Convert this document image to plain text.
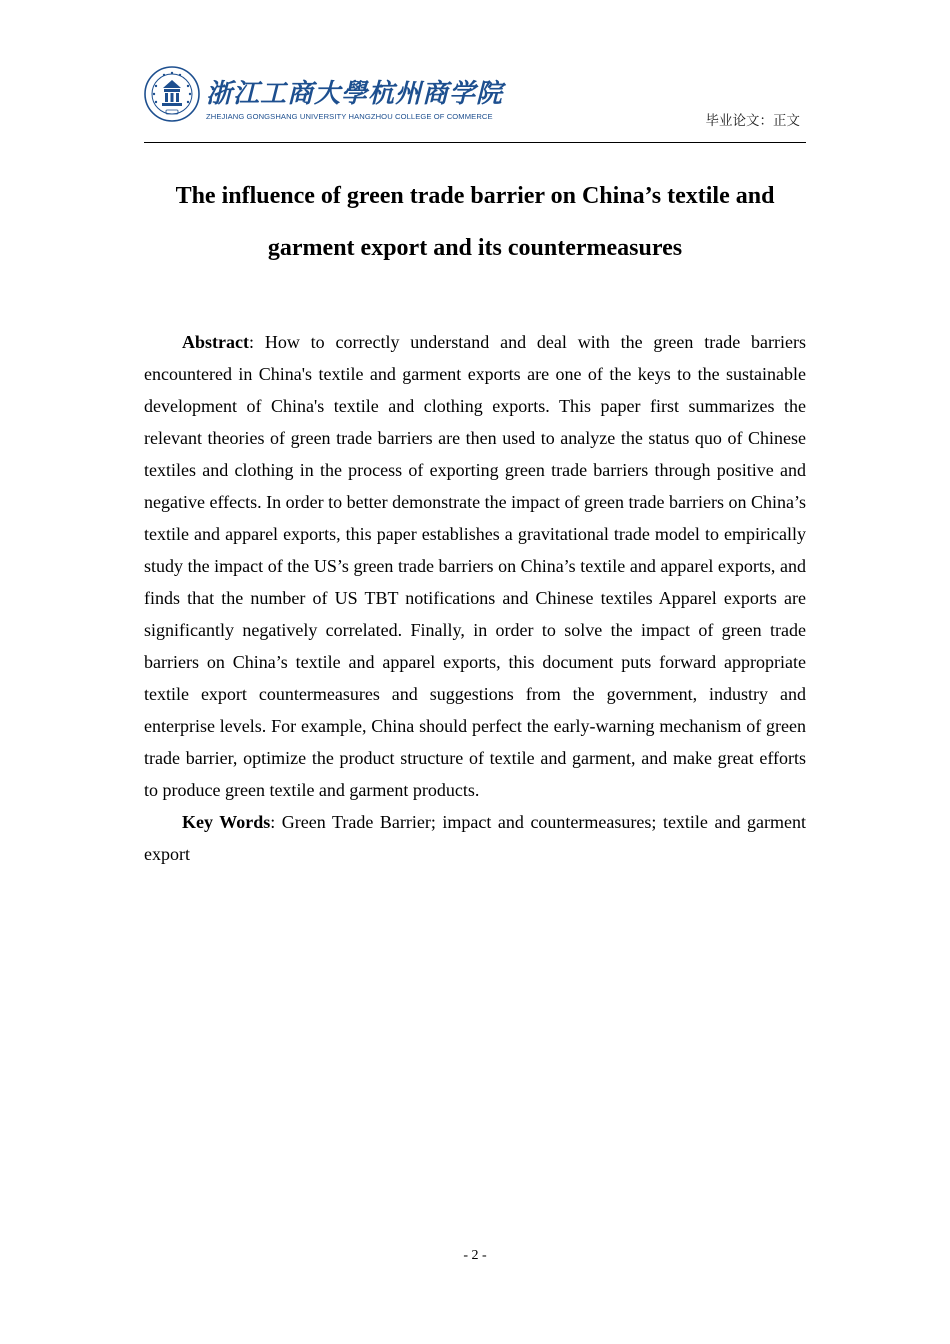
浙江工商大學杭州商学院
ZHEJIANG GONGSHANG UNIVERSITY HANGZHOU COLLEGE OF COMMERCE	毕业论文：正文
The influence of green trade barrier on China’s textile and
garment export and its countermeasures

Abstract: How to correctly understand and deal with the green trade barriers encountered in China's textile and garment exports are one of the keys to the sustainable development of China's textile and clothing exports. This paper first summarizes the relevant theories of green trade barriers are then used to analyze the status quo of Chinese textiles and clothing in the process of exporting green trade barriers through positive and negative effects. In order to better demonstrate the impact of green trade barriers on China’s textile and apparel exports, this paper establishes a gravitational trade model to empirically study the impact of the US’s green trade barriers on China’s textile and apparel exports, and finds that the number of US TBT notifications and Chinese textiles Apparel exports are significantly negatively correlated. Finally, in order to solve the impact of green trade barriers on China’s textile and apparel exports, this document puts forward appropriate textile export countermeasures and suggestions from the government, industry and enterprise levels. For example, China should perfect the early-warning mechanism of green trade barrier, optimize the product structure of textile and garment, and make great efforts to produce green textile and garment products.

Key Words: Green Trade Barrier; impact and countermeasures; textile and garment export

- 2 -
